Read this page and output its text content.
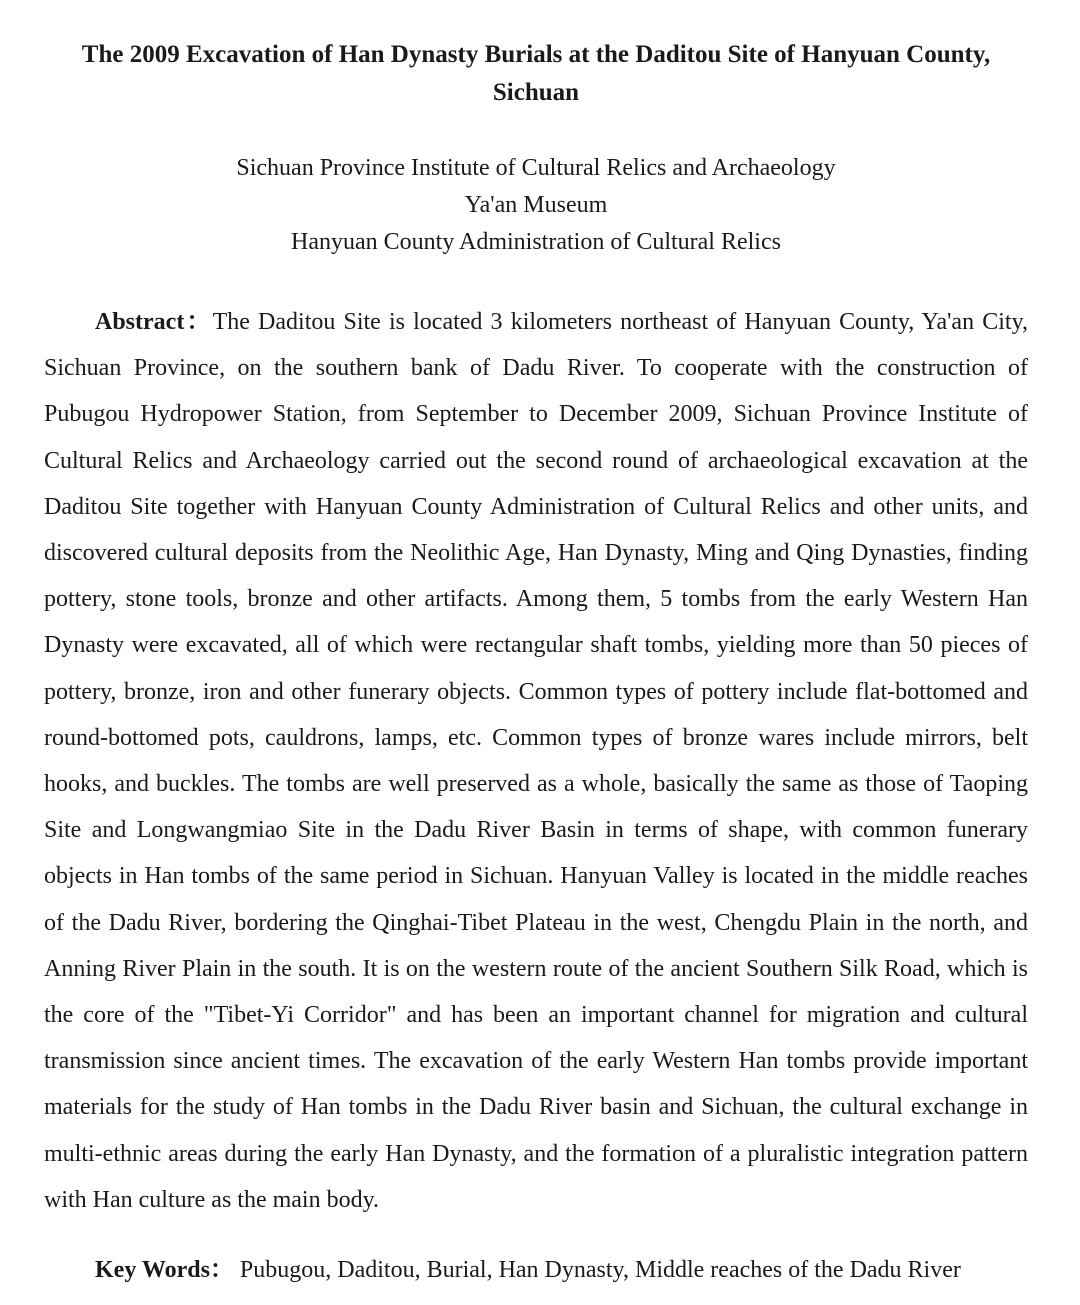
The 2009 Excavation of Han Dynasty Burials at the Daditou Site of Hanyuan County, Sichuan
Sichuan Province Institute of Cultural Relics and Archaeology
Ya'an Museum
Hanyuan County Administration of Cultural Relics

Abstract：The Daditou Site is located 3 kilometers northeast of Hanyuan County, Ya'an City, Sichuan Province, on the southern bank of Dadu River. To cooperate with the construction of Pubugou Hydropower Station, from September to December 2009, Sichuan Province Institute of Cultural Relics and Archaeology carried out the second round of archaeological excavation at the Daditou Site together with Hanyuan County Administration of Cultural Relics and other units, and discovered cultural deposits from the Neolithic Age, Han Dynasty, Ming and Qing Dynasties, finding pottery, stone tools, bronze and other artifacts. Among them, 5 tombs from the early Western Han Dynasty were excavated, all of which were rectangular shaft tombs, yielding more than 50 pieces of pottery, bronze, iron and other funerary objects. Common types of pottery include flat-bottomed and round-bottomed pots, cauldrons, lamps, etc. Common types of bronze wares include mirrors, belt hooks, and buckles. The tombs are well preserved as a whole, basically the same as those of Taoping Site and Longwangmiao Site in the Dadu River Basin in terms of shape, with common funerary objects in Han tombs of the same period in Sichuan. Hanyuan Valley is located in the middle reaches of the Dadu River, bordering the Qinghai-Tibet Plateau in the west, Chengdu Plain in the north, and Anning River Plain in the south. It is on the western route of the ancient Southern Silk Road, which is the core of the "Tibet-Yi Corridor" and has been an important channel for migration and cultural transmission since ancient times. The excavation of the early Western Han tombs provide important materials for the study of Han tombs in the Dadu River basin and Sichuan, the cultural exchange in multi-ethnic areas during the early Han Dynasty, and the formation of a pluralistic integration pattern with Han culture as the main body.

Key Words： Pubugou, Daditou, Burial, Han Dynasty, Middle reaches of the Dadu River
